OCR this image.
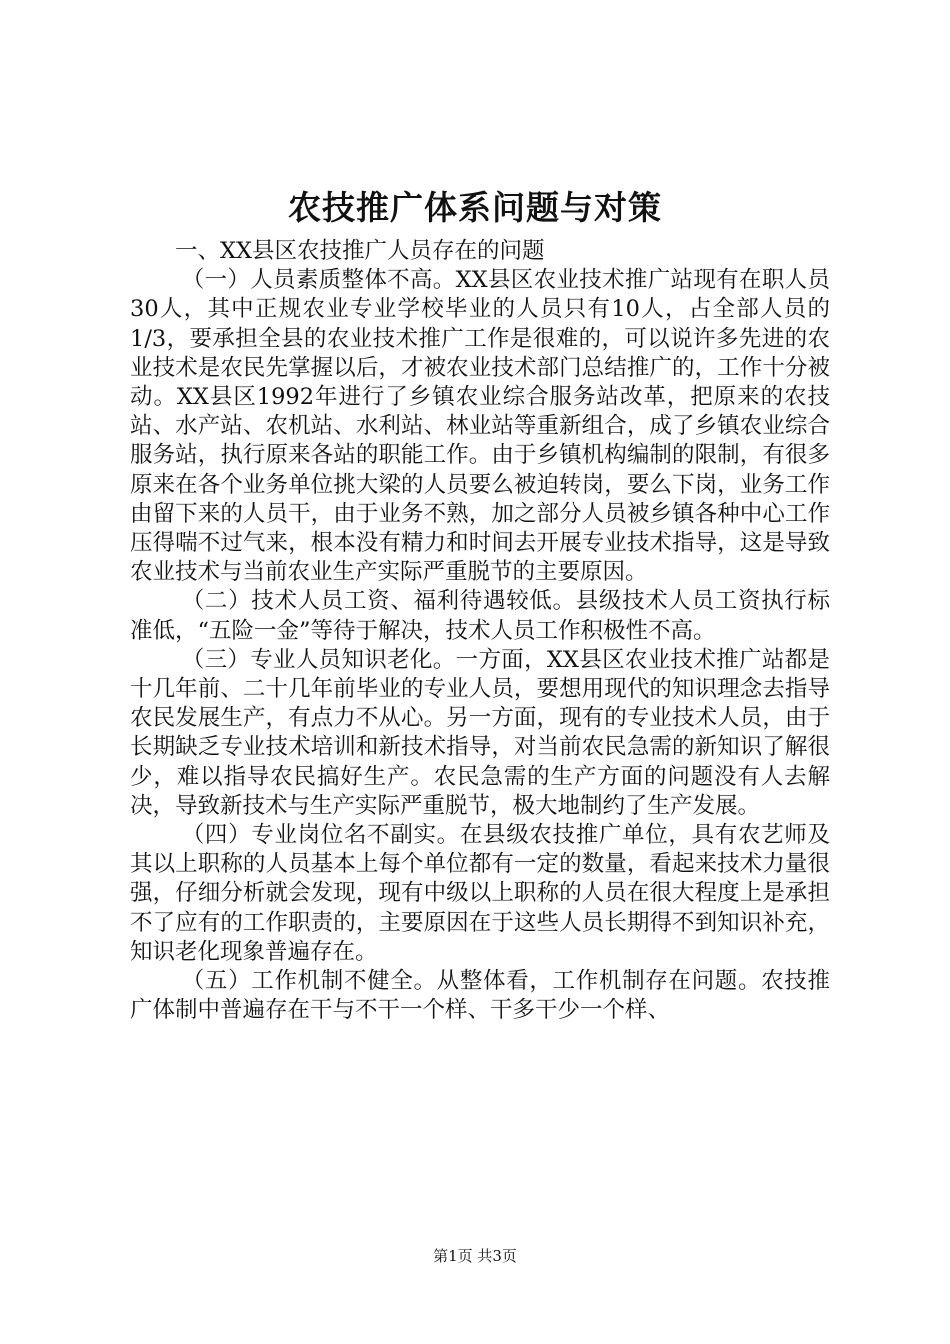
农技推广体系问题与对策

一、XX县区农技推广人员存在的问题

（一）人员素质整体不高。XX县区农业技术推广站现有在职人员30人，其中正规农业专业学校毕业的人员只有10人，占全部人员的1/3，要承担全县的农业技术推广工作是很难的，可以说许多先进的农业技术是农民先掌握以后，才被农业技术部门总结推广的，工作十分被动。XX县区1992年进行了乡镇农业综合服务站改革，把原来的农技站、水产站、农机站、水利站、林业站等重新组合，成了乡镇农业综合服务站，执行原来各站的职能工作。由于乡镇机构编制的限制，有很多原来在各个业务单位挑大梁的人员要么被迫转岗，要么下岗，业务工作由留下来的人员干，由于业务不熟，加之部分人员被乡镇各种中心工作压得喘不过气来，根本没有精力和时间去开展专业技术指导，这是导致农业技术与当前农业生产实际严重脱节的主要原因。

（二）技术人员工资、福利待遇较低。县级技术人员工资执行标准低，“五险一金”等待于解决，技术人员工作积极性不高。

（三）专业人员知识老化。一方面，XX县区农业技术推广站都是十几年前、二十几年前毕业的专业人员，要想用现代的知识理念去指导农民发展生产，有点力不从心。另一方面，现有的专业技术人员，由于长期缺乏专业技术培训和新技术指导，对当前农民急需的新知识了解很少，难以指导农民搞好生产。农民急需的生产方面的问题没有人去解决，导致新技术与生产实际严重脱节，极大地制约了生产发展。

（四）专业岗位名不副实。在县级农技推广单位，具有农艺师及其以上职称的人员基本上每个单位都有一定的数量，看起来技术力量很强，仔细分析就会发现，现有中级以上职称的人员在很大程度上是承担不了应有的工作职责的，主要原因在于这些人员长期得不到知识补充，知识老化现象普遍存在。

（五）工作机制不健全。从整体看，工作机制存在问题。农技推广体制中普遍存在干与不干一个样、干多干少一个样、

第1页 共3页
